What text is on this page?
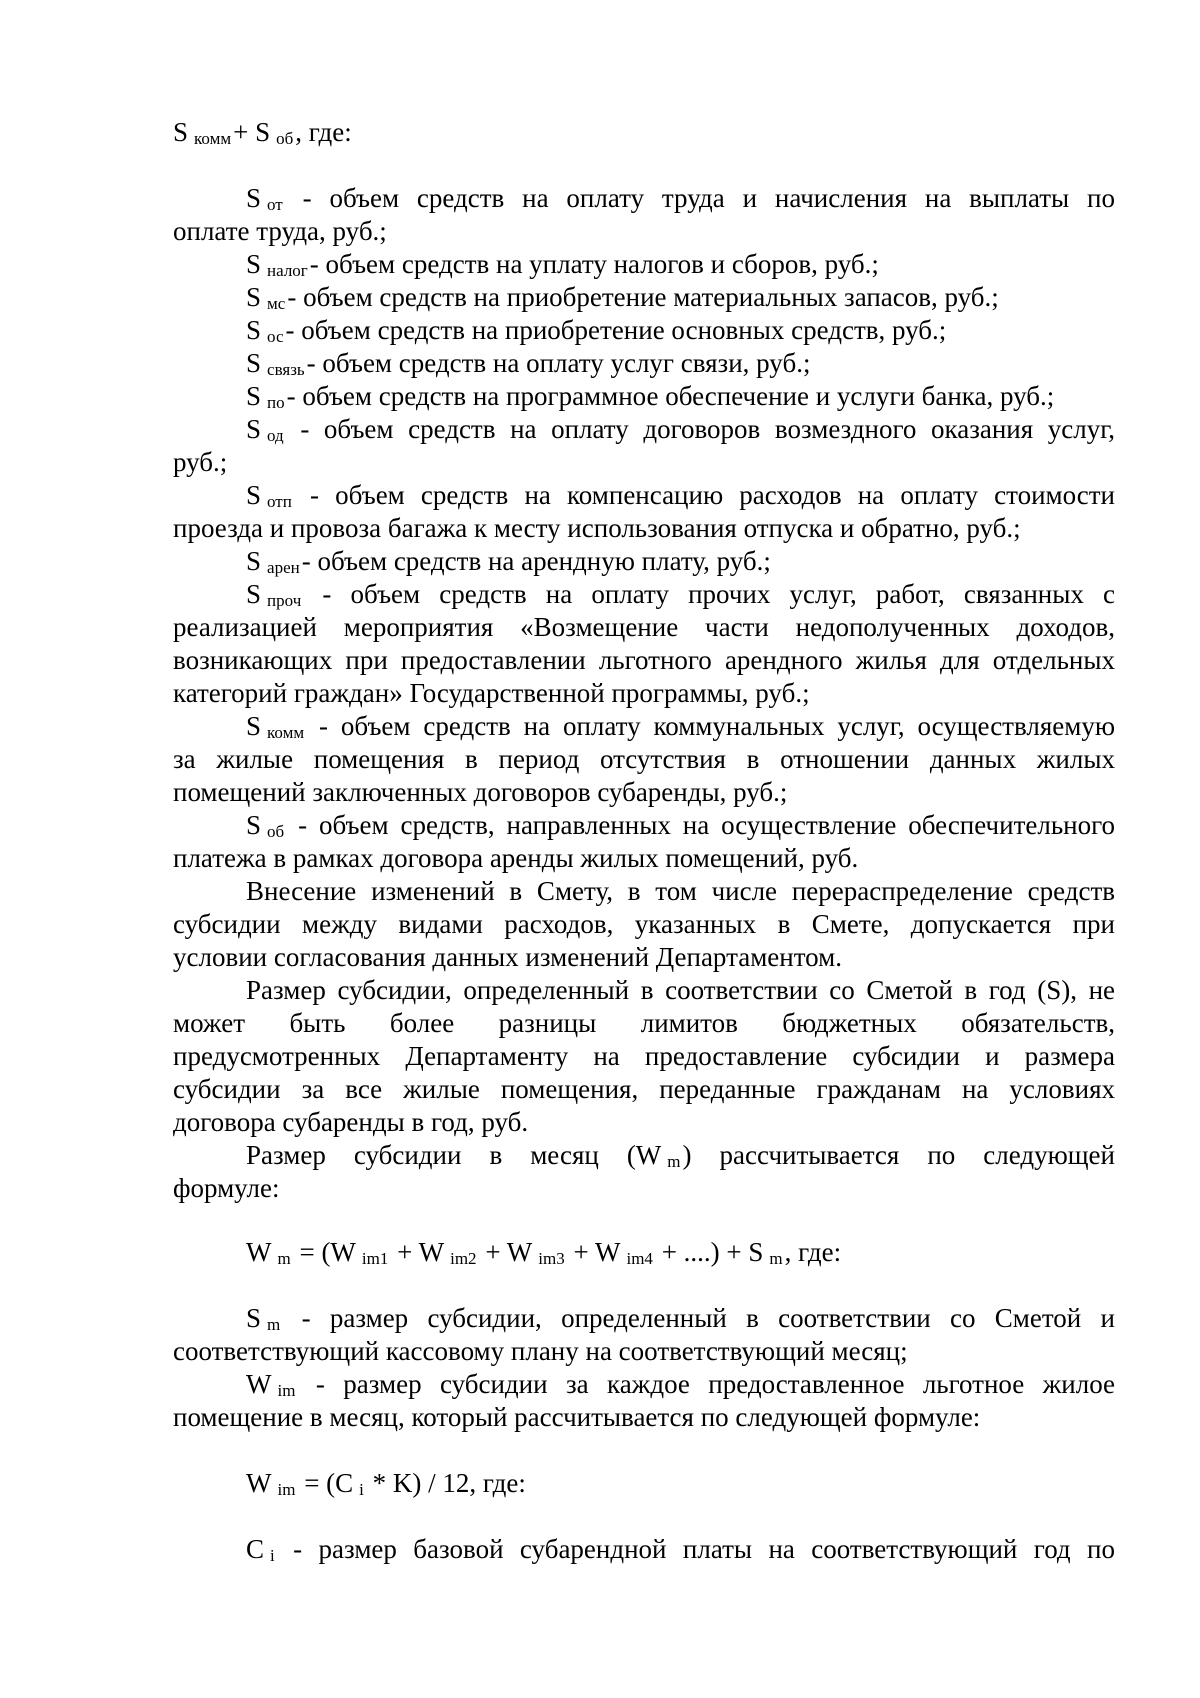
Sкомм+ S об, где:
Sот - объем средств на оплату труда и начисления на выплаты по
оплате труда, руб.;
Sналог- объем средств на уплату налогов и сборов, руб.;
Sмс- объем средств на приобретение материальных запасов, руб.;
Sос- объем средств на приобретение основных средств, руб.;
Sсвязь- объем средств на оплату услуг связи, руб.;
Sпо- объем средств на программное обеспечение и услуги банка, руб.;
Sод - объем средств на оплату договоров возмездного оказания услуг,
руб.;
Sотп - объем средств на компенсацию расходов на оплату стоимости
проезда и провоза багажа к месту использования отпуска и обратно, руб.;
Sарен- объем средств на арендную плату, руб.;
Sпроч - объем средств на оплату прочих услуг, работ, связанных с
реализацией мероприятия «Возмещение части недополученных доходов,
возникающих при предоставлении льготного арендного жилья для отдельных
категорий граждан» Государственной программы, руб.;
Sкомм - объем средств на оплату коммунальных услуг, осуществляемую
за жилые помещения в период отсутствия в отношении данных жилых
помещений заключенных договоров субаренды, руб.;
Sоб - объем средств, направленных на осуществление обеспечительного
платежа в рамках договора аренды жилых помещений, руб.
Внесение изменений в Смету, в том числе перераспределение средств
субсидии между видами расходов, указанных в Смете, допускается при
условии согласования данных изменений Департаментом.
Размер субсидии, определенный в соответствии со Сметой в год (S), не
может быть более разницы лимитов бюджетных обязательств,
предусмотренных Департаменту на предоставление субсидии и размера
субсидии за все жилые помещения, переданные гражданам на условиях
договора субаренды в год, руб.
Размер субсидии в месяц (W m) рассчитывается по следующей
формуле:
Wm = (W im1 + W im2 + W im3 + W im4 + ....) + S m, где:
Sm - размер субсидии, определенный в соответствии со Сметой и
соответствующий кассовому плану на соответствующий месяц;
Wim - размер субсидии за каждое предоставленное льготное жилое
помещение в месяц, который рассчитывается по следующей формуле:
Wim = (C i * K) / 12, где:
Ci - размер базовой субарендной платы на соответствующий год по
